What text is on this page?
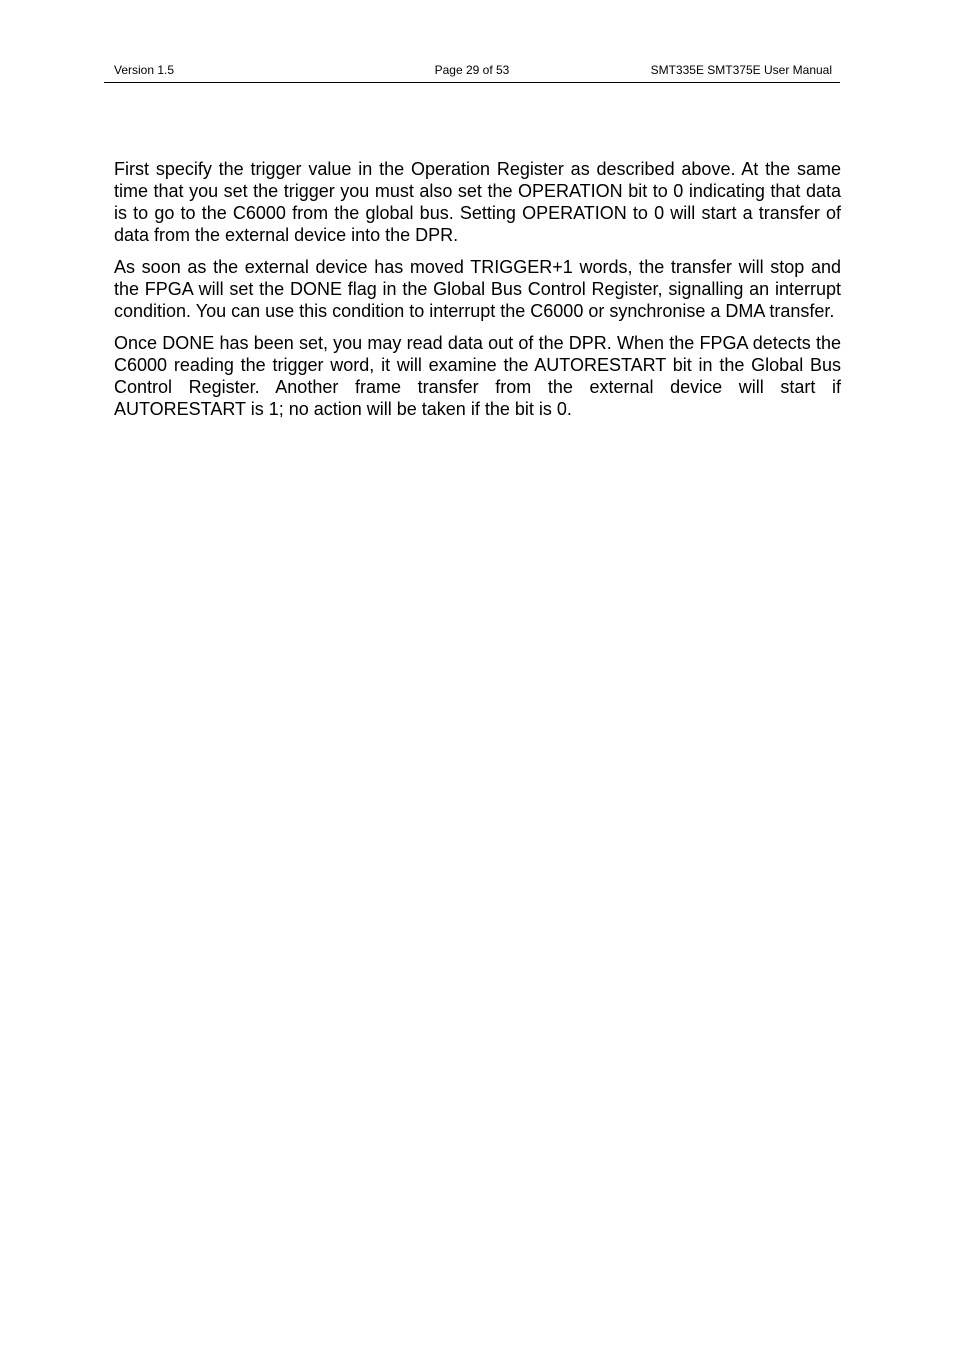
Version 1.5	Page 29 of 53	SMT335E SMT375E User Manual

First specify the trigger value in the Operation Register as described above. At the same time that you set the trigger you must also set the OPERATION bit to 0 indicating that data is to go to the C6000 from the global bus. Setting OPERATION to 0 will start a transfer of data from the external device into the DPR.

As soon as the external device has moved TRIGGER+1 words, the transfer will stop and the FPGA will set the DONE flag in the Global Bus Control Register, signalling an interrupt condition. You can use this condition to interrupt the C6000 or synchronise a DMA transfer.

Once DONE has been set, you may read data out of the DPR. When the FPGA detects the C6000 reading the trigger word, it will examine the AUTORESTART bit in the Global Bus Control Register. Another frame transfer from the external device will start if AUTORESTART is 1; no action will be taken if the bit is 0.
